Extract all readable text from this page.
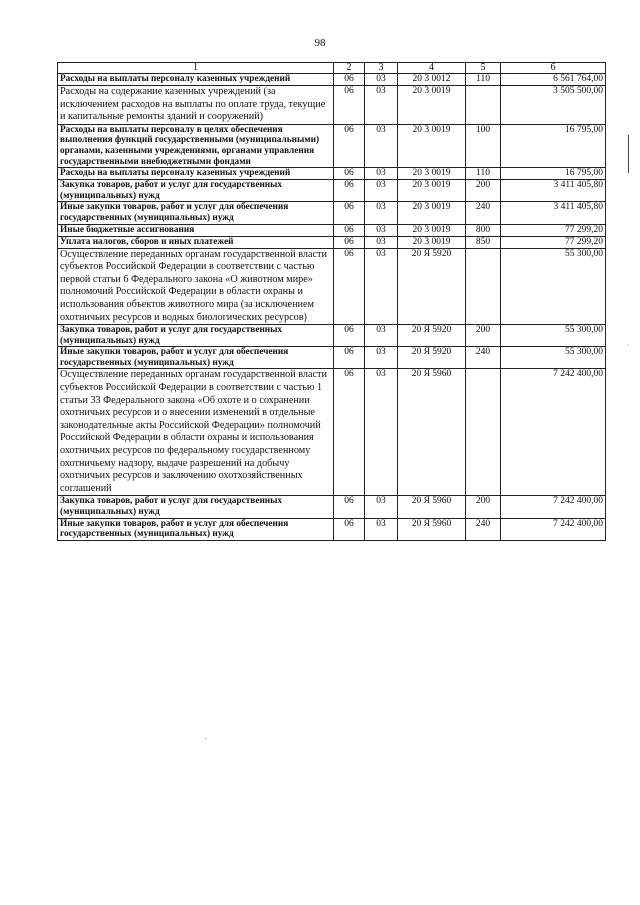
98
1	2	3	4	5	6
Расходы на выплаты персоналу казенных учреждений	06	03	20 3 0012	110	6 561 764,00
Расходы на содержание казенных учреждений (за исключением расходов на выплаты по оплате труда, текущие и капитальные ремонты зданий и сооружений)	06	03	20 3 0019		3 505 500,00
Расходы на выплаты персоналу в целях обеспечения выполнения функций государственными (муниципальными) органами, казенными учреждениями, органами управления государственными внебюджетными фондами	06	03	20 3 0019	100	16 795,00
Расходы на выплаты персоналу казенных учреждений	06	03	20 3 0019	110	16 795,00
Закупка товаров, работ и услуг для государственных (муниципальных) нужд	06	03	20 3 0019	200	3 411 405,80
Иные закупки товаров, работ и услуг для обеспечения государственных (муниципальных) нужд	06	03	20 3 0019	240	3 411 405,80
Иные бюджетные ассигнования	06	03	20 3 0019	800	77 299,20
Уплата налогов, сборов и иных платежей	06	03	20 3 0019	850	77 299,20
Осуществление переданных органам государственной власти субъектов Российской Федерации в соответствии с частью первой статьи 6 Федерального закона «О животном мире» полномочий Российской Федерации в области охраны и использования объектов животного мира (за исключением охотничьих ресурсов и водных биологических ресурсов)	06	03	20 Я 5920		55 300,00
Закупка товаров, работ и услуг для государственных (муниципальных) нужд	06	03	20 Я 5920	200	55 300,00
Иные закупки товаров, работ и услуг для обеспечения государственных (муниципальных) нужд	06	03	20 Я 5920	240	55 300,00
Осуществление переданных органам государственной власти субъектов Российской Федерации в соответствии с частью 1 статьи 33 Федерального закона «Об охоте и о сохранении охотничьих ресурсов и о внесении изменений в отдельные законодательные акты Российской Федерации» полномочий Российской Федерации в области охраны и использования охотничьих ресурсов по федеральному государственному охотничьему надзору, выдаче разрешений на добычу охотничьих ресурсов и заключению охотхозяйственных соглашений	06	03	20 Я 5960		7 242 400,00
Закупка товаров, работ и услуг для государственных (муниципальных) нужд	06	03	20 Я 5960	200	7 242 400,00
Иные закупки товаров, работ и услуг для обеспечения государственных (муниципальных) нужд	06	03	20 Я 5960	240	7 242 400,00
